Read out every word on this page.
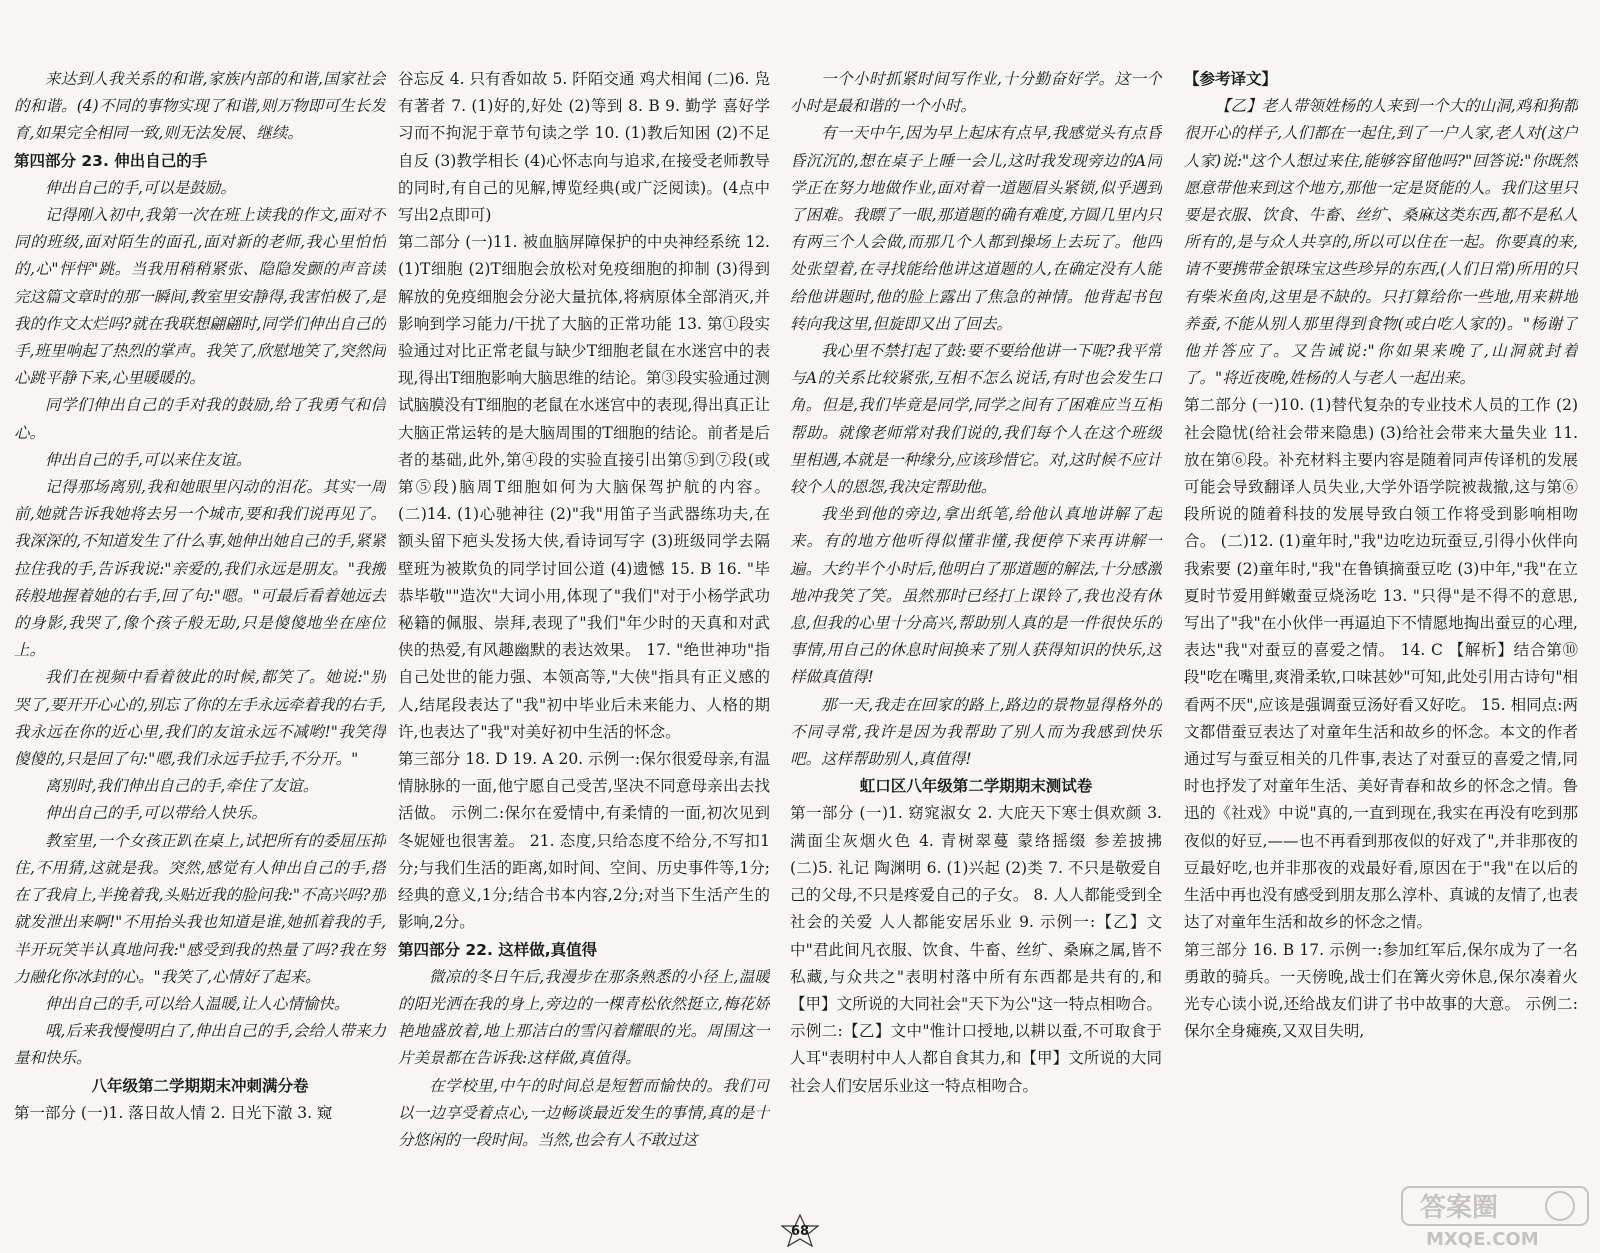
来达到人我关系的和谐,家族内部的和谐,国家社会的和谐。(4)不同的事物实现了和谐,则万物即可生长发育,如果完全相同一致,则无法发展、继续。

第四部分 23. 伸出自己的手

伸出自己的手,可以是鼓励。

记得刚入初中,我第一次在班上读我的作文,面对不同的班级,面对陌生的面孔,面对新的老师,我心里怕怕的,心"怦怦"跳。当我用稍稍紧张、隐隐发颤的声音读完这篇文章时的那一瞬间,教室里安静得,我害怕极了,是我的作文太烂吗?就在我联想翩翩时,同学们伸出自己的手,班里响起了热烈的掌声。我笑了,欣慰地笑了,突然间心跳平静下来,心里暖暖的。

同学们伸出自己的手对我的鼓励,给了我勇气和信心。

伸出自己的手,可以来住友谊。

记得那场离别,我和她眼里闪动的泪花。其实一周前,她就告诉我她将去另一个城市,要和我们说再见了。我深深的,不知道发生了什么事,她伸出她自己的手,紧紧拉住我的手,告诉我说:"亲爱的,我们永远是朋友。"我搬砖般地握着她的右手,回了句:"嗯。"可最后看着她远去的身影,我哭了,像个孩子般无助,只是傻傻地坐在座位上。

我们在视频中看着彼此的时候,都笑了。她说:"别哭了,要开开心心的,别忘了你的左手永远牵着我的右手,我永远在你的近心里,我们的友谊永远不减哟!"我笑得傻傻的,只是回了句:"嗯,我们永远手拉手,不分开。"

离别时,我们伸出自己的手,牵住了友谊。

伸出自己的手,可以带给人快乐。

教室里,一个女孩正趴在桌上,试把所有的委屈压抑住,不用猜,这就是我。突然,感觉有人伸出自己的手,搭在了我肩上,半挽着我,头贴近我的脸问我:"不高兴吗?那就发泄出来啊!"不用抬头我也知道是谁,她抓着我的手,半开玩笑半认真地问我:"感受到我的热量了吗?我在努力融化你冰封的心。"我笑了,心情好了起来。

伸出自己的手,可以给人温暖,让人心情愉快。

哦,后来我慢慢明白了,伸出自己的手,会给人带来力量和快乐。

八年级第二学期期末冲刺满分卷

第一部分 (一)1. 落日故人情 2. 日光下澈 3. 窥

谷忘反 4. 只有香如故 5. 阡陌交通 鸡犬相闻 (二)6. 凫有著者 7. (1)好的,好处 (2)等到 8. B 9. 勤学 喜好学习而不拘泥于章节句读之学 10. (1)教后知困 (2)不足自反 (3)教学相长 (4)心怀志向与追求,在接受老师教导的同时,有自己的见解,博览经典(或广泛阅读)。(4点中写出2点即可)

第二部分 (一)11. 被血脑屏障保护的中央神经系统 12. (1)T细胞 (2)T细胞会放松对免疫细胞的抑制 (3)得到解放的免疫细胞会分泌大量抗体,将病原体全部消灭,并影响到学习能力/干扰了大脑的正常功能 13. 第①段实验通过对比正常老鼠与缺少T细胞老鼠在水迷宫中的表现,得出T细胞影响大脑思维的结论。第③段实验通过测试脑膜没有T细胞的老鼠在水迷宫中的表现,得出真正让大脑正常运转的是大脑周围的T细胞的结论。前者是后者的基础,此外,第④段的实验直接引出第⑤到⑦段(或第⑤段)脑周T细胞如何为大脑保驾护航的内容。(二)14. (1)心驰神往 (2)"我"用笛子当武器练功夫,在额头留下疤头发扬大侠,看诗词写字 (3)班级同学去隔壁班为被欺负的同学讨回公道 (4)遗憾 15. B 16. "毕恭毕敬""造次"大词小用,体现了"我们"对于小杨学武功秘籍的佩服、崇拜,表现了"我们"年少时的天真和对武侠的热爱,有风趣幽默的表达效果。 17. "绝世神功"指自己处世的能力强、本领高等,"大侠"指具有正义感的人,结尾段表达了"我"初中毕业后未来能力、人格的期许,也表达了"我"对美好初中生活的怀念。

第三部分 18. D 19. A 20. 示例一:保尔很爱母亲,有温情脉脉的一面,他宁愿自己受苦,坚决不同意母亲出去找活做。 示例二:保尔在爱情中,有柔情的一面,初次见到冬妮娅也很害羞。 21. 态度,只给态度不给分,不写扣1分;与我们生活的距离,如时间、空间、历史事件等,1分;经典的意义,1分;结合书本内容,2分;对当下生活产生的影响,2分。

第四部分 22. 这样做,真值得

微凉的冬日午后,我漫步在那条熟悉的小径上,温暖的阳光洒在我的身上,旁边的一棵青松依然挺立,梅花娇艳地盛放着,地上那洁白的雪闪着耀眼的光。周围这一片美景都在告诉我:这样做,真值得。

在学校里,中午的时间总是短暂而愉快的。我们可以一边享受着点心,一边畅谈最近发生的事情,真的是十分悠闲的一段时间。当然,也会有人不敢过这

一个小时抓紧时间写作业,十分勤奋好学。这一个小时是最和谐的一个小时。

有一天中午,因为早上起床有点早,我感觉头有点昏昏沉沉的,想在桌子上睡一会儿,这时我发现旁边的A同学正在努力地做作业,面对着一道题眉头紧锁,似乎遇到了困难。我瞟了一眼,那道题的确有难度,方圆几里内只有两三个人会做,而那几个人都到操场上去玩了。他四处张望着,在寻找能给他讲这道题的人,在确定没有人能给他讲题时,他的脸上露出了焦急的神情。他背起书包转向我这里,但旋即又出了回去。

我心里不禁打起了鼓:要不要给他讲一下呢?我平常与A的关系比较紧张,互相不怎么说话,有时也会发生口角。但是,我们毕竟是同学,同学之间有了困难应当互相帮助。就像老师常对我们说的,我们每个人在这个班级里相遇,本就是一种缘分,应该珍惜它。对,这时候不应计较个人的恩怨,我决定帮助他。

我坐到他的旁边,拿出纸笔,给他认真地讲解了起来。有的地方他听得似懂非懂,我便停下来再讲解一遍。大约半个小时后,他明白了那道题的解法,十分感激地冲我笑了笑。虽然那时已经打上课铃了,我也没有休息,但我的心里十分高兴,帮助别人真的是一件很快乐的事情,用自己的休息时间换来了别人获得知识的快乐,这样做真值得!

那一天,我走在回家的路上,路边的景物显得格外的不同寻常,我许是因为我帮助了别人而为我感到快乐吧。这样帮助别人,真值得!

虹口区八年级第二学期期末测试卷

第一部分 (一)1. 窈窕淑女 2. 大庇天下寒士俱欢颜 3. 满面尘灰烟火色 4. 青树翠蔓 蒙络摇缀 参差披拂 (二)5. 礼记 陶渊明 6. (1)兴起 (2)类 7. 不只是敬爱自己的父母,不只是疼爱自己的子女。 8. 人人都能受到全社会的关爱 人人都能安居乐业 9. 示例一:【乙】文中"君此间凡衣服、饮食、牛畜、丝纩、桑麻之属,皆不私藏,与众共之"表明村落中所有东西都是共有的,和【甲】文所说的大同社会"天下为公"这一特点相吻合。 示例二:【乙】文中"惟计口授地,以耕以蚕,不可取食于人耳"表明村中人人都自食其力,和【甲】文所说的大同社会人们安居乐业这一特点相吻合。

【参考译文】

【乙】老人带领姓杨的人来到一个大的山洞,鸡和狗都很开心的样子,人们都在一起住,到了一户人家,老人对(这户人家)说:"这个人想过来住,能够容留他吗?"回答说:"你既然愿意带他来到这个地方,那他一定是贤能的人。我们这里只要是衣服、饮食、牛畜、丝纩、桑麻这类东西,都不是私人所有的,是与众人共享的,所以可以住在一起。你要真的来,请不要携带金银珠宝这些珍异的东西,(人们日常)所用的只有柴米鱼肉,这里是不缺的。只打算给你一些地,用来耕地养蚕,不能从别人那里得到食物(或白吃人家的)。"杨谢了他并答应了。又告诫说:"你如果来晚了,山洞就封着了。"将近夜晚,姓杨的人与老人一起出来。

第二部分 (一)10. (1)替代复杂的专业技术人员的工作 (2)社会隐忧(给社会带来隐患) (3)给社会带来大量失业 11. 放在第⑥段。补充材料主要内容是随着同声传译机的发展可能会导致翻译人员失业,大学外语学院被裁撤,这与第⑥段所说的随着科技的发展导致白领工作将受到影响相吻合。 (二)12. (1)童年时,"我"边吃边玩蚕豆,引得小伙伴向我索要 (2)童年时,"我"在鲁镇摘蚕豆吃 (3)中年,"我"在立夏时节爱用鲜嫩蚕豆烧汤吃 13. "只得"是不得不的意思,写出了"我"在小伙伴一再逼迫下不情愿地掏出蚕豆的心理,表达"我"对蚕豆的喜爱之情。 14. C 【解析】结合第⑩段"吃在嘴里,爽滑柔软,口味甚妙"可知,此处引用古诗句"相看两不厌",应该是强调蚕豆汤好看又好吃。 15. 相同点:两文都借蚕豆表达了对童年生活和故乡的怀念。本文的作者通过写与蚕豆相关的几件事,表达了对蚕豆的喜爱之情,同时也抒发了对童年生活、美好青春和故乡的怀念之情。鲁迅的《社戏》中说"真的,一直到现在,我实在再没有吃到那夜似的好豆,——也不再看到那夜似的好戏了",并非那夜的豆最好吃,也并非那夜的戏最好看,原因在于"我"在以后的生活中再也没有感受到朋友那么淳朴、真诚的友情了,也表达了对童年生活和故乡的怀念之情。

第三部分 16. B 17. 示例一:参加红军后,保尔成为了一名勇敢的骑兵。一天傍晚,战士们在篝火旁休息,保尔凑着火光专心读小说,还给战友们讲了书中故事的大意。 示例二:保尔全身瘫痪,又双目失明,

68
答案圈
MXQE.COM
